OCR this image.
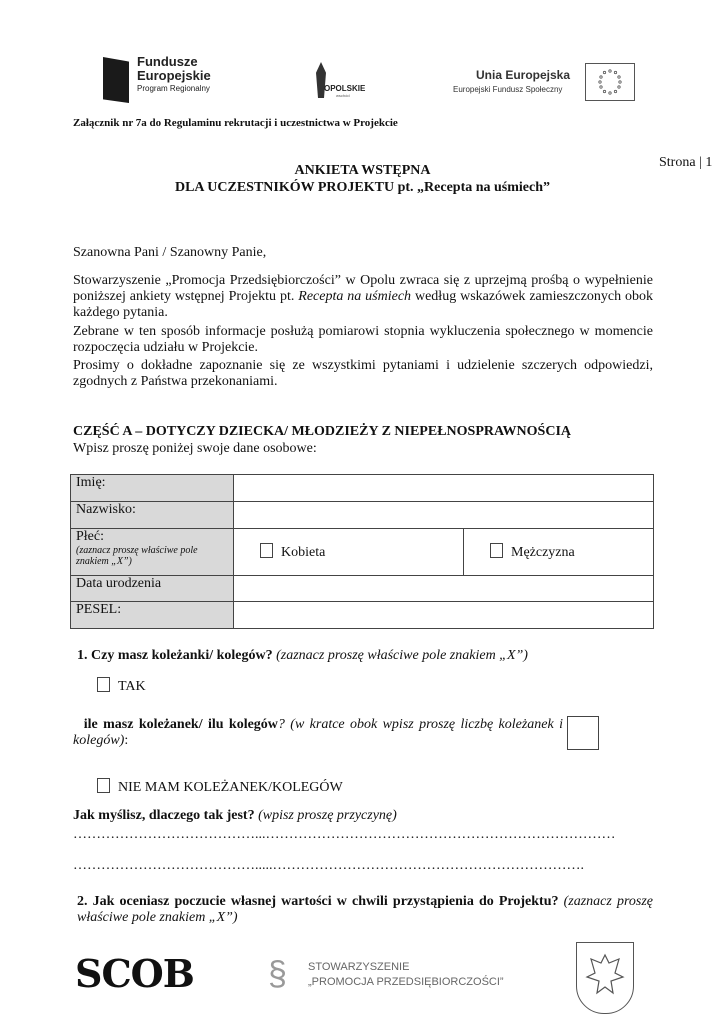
Fundusze
Europejskie
Program Regionalny	OPOLSKIE
wschód
Unia Europejska
Europejski Fundusz Społeczny
Załącznik nr 7a do Regulaminu rekrutacji i uczestnictwa w Projekcie
Strona | 1
ANKIETA WSTĘPNA
DLA UCZESTNIKÓW PROJEKTU pt. „Recepta na uśmiech”
Szanowna Pani / Szanowny Panie,
Stowarzyszenie „Promocja Przedsiębiorczości” w Opolu zwraca się z uprzejmą prośbą o wypełnienie poniższej ankiety wstępnej Projektu pt. Recepta na uśmiech według wskazówek zamieszczonych obok każdego pytania.
Zebrane w ten sposób informacje posłużą pomiarowi stopnia wykluczenia społecznego w momencie rozpoczęcia udziału w Projekcie.
Prosimy o dokładne zapoznanie się ze wszystkimi pytaniami i udzielenie szczerych odpowiedzi, zgodnych z Państwa przekonaniami.
CZĘŚĆ A – DOTYCZY DZIECKA/ MŁODZIEŻY Z NIEPEŁNOSPRAWNOŚCIĄ
Wpisz proszę poniżej swoje dane osobowe:
Imię:		
Nazwisko:		

Płeć:
(zaznacz proszę właściwe pole znakiem „X”)	Kobieta	Mężczyzna
Data urodzenia		
PESEL:		
1. Czy masz koleżanki/ kolegów? (zaznacz proszę właściwe pole znakiem „X”)
TAK
ile masz koleżanek/ ilu kolegów? (w kratce obok wpisz proszę liczbę koleżanek i kolegów):
NIE MAM KOLEŻANEK/KOLEGÓW
Jak myślisz, dlaczego tak jest? (wpisz proszę przyczynę)
…………………………………...…………………………………………………………………
………………………………….....………………………………………………………….
2. Jak oceniasz poczucie własnej wartości w chwili przystąpienia do Projektu? (zaznacz proszę właściwe pole znakiem „X”)
SCOB § STOWARZYSZENIE
„PROMOCJA PRZEDSIĘBIORCZOŚCI”
